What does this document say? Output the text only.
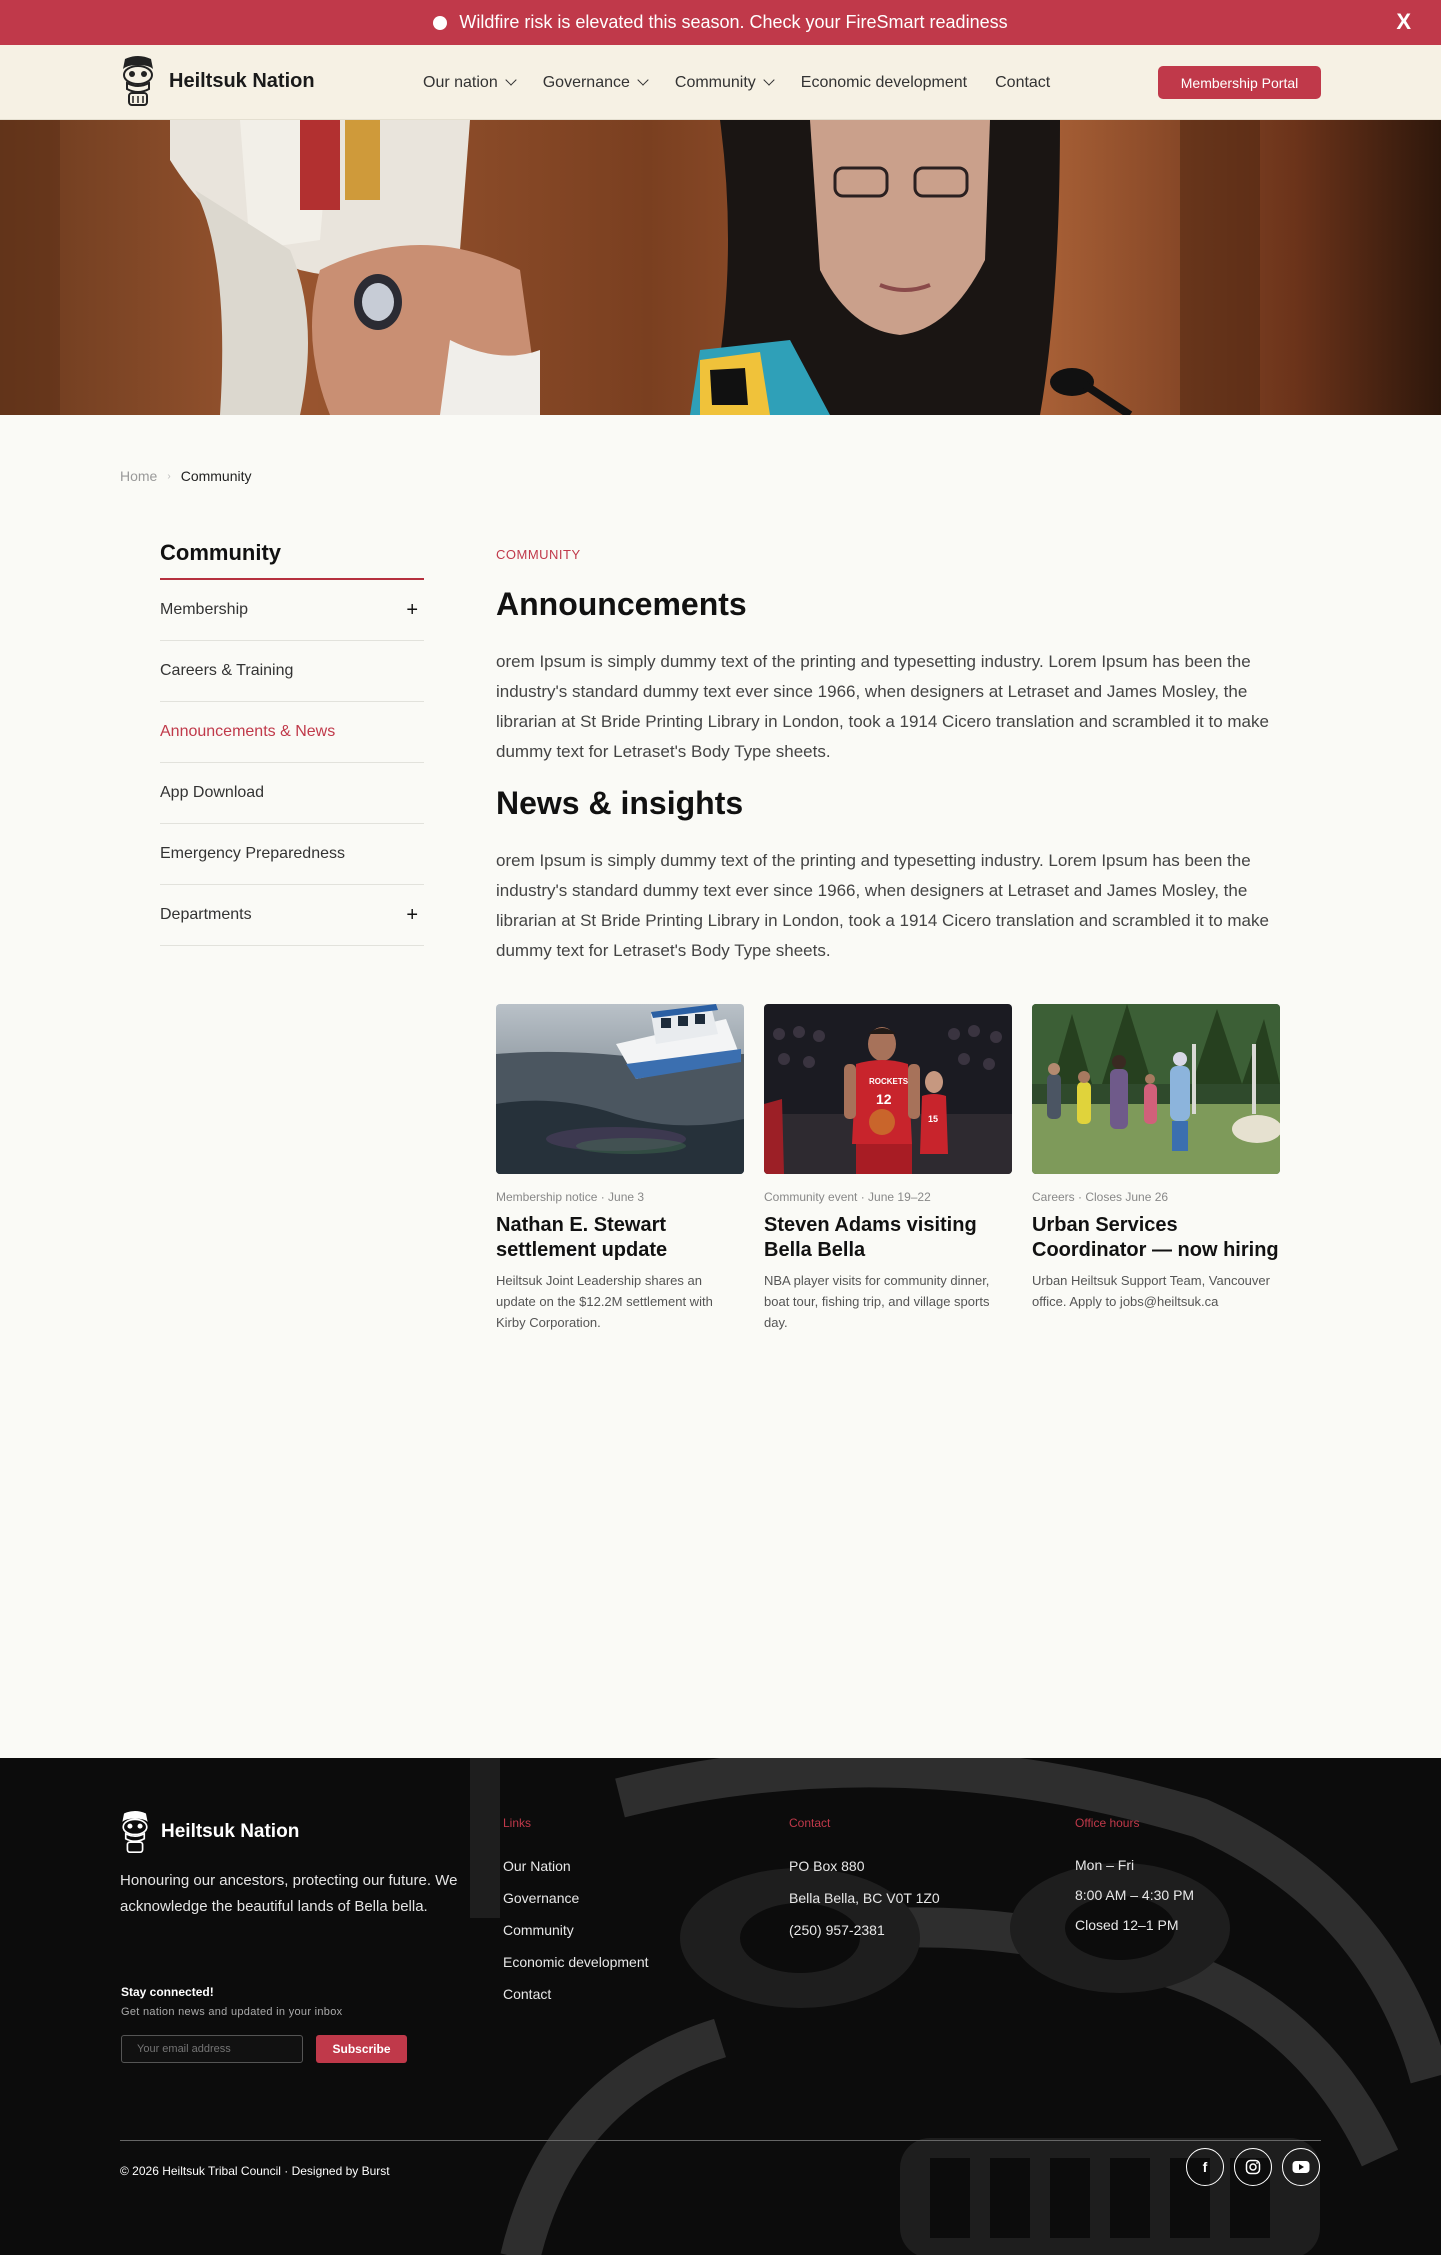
Wildfire risk is elevated this season. Check your FireSmart readiness	X
Heiltsuk Nation	Our nation	Governance	Community	Economic development Contact	Membership Portal
Home › Community
Community
Membership	+
Careers & Training
Announcements & News
App Download
Emergency Preparedness
Departments	+
COMMUNITY
Announcements

orem Ipsum is simply dummy text of the printing and typesetting industry. Lorem Ipsum has been the industry's standard dummy text ever since 1966, when designers at Letraset and James Mosley, the librarian at St Bride Printing Library in London, took a 1914 Cicero translation and scrambled it to make dummy text for Letraset's Body Type sheets.

News & insights

orem Ipsum is simply dummy text of the printing and typesetting industry. Lorem Ipsum has been the industry's standard dummy text ever since 1966, when designers at Letraset and James Mosley, the librarian at St Bride Printing Library in London, took a 1914 Cicero translation and scrambled it to make dummy text for Letraset's Body Type sheets.

Membership notice · June 3
Nathan E. Stewart settlement update
Heiltsuk Joint Leadership shares an update on the $12.2M settlement with Kirby Corporation.
ROCKETS
12
15
Community event · June 19–22
Steven Adams visiting Bella Bella
NBA player visits for community dinner, boat tour, fishing trip, and village sports day.
Careers · Closes June 26
Urban Services Coordinator — now hiring
Urban Heiltsuk Support Team, Vancouver office. Apply to jobs@heiltsuk.ca
Heiltsuk Nation
Honouring our ancestors, protecting our future. We acknowledge the beautiful lands of Bella bella.
Stay connected!
Get nation news and updated in your inbox
Your email address
Subscribe
Links
Our Nation
Governance
Community
Economic development
Contact
Contact
PO Box 880
Bella Bella, BC V0T 1Z0
(250) 957-2381
Office hours
Mon – Fri
8:00 AM – 4:30 PM
Closed 12–1 PM
© 2026 Heiltsuk Tribal Council · Designed by Burst	f
